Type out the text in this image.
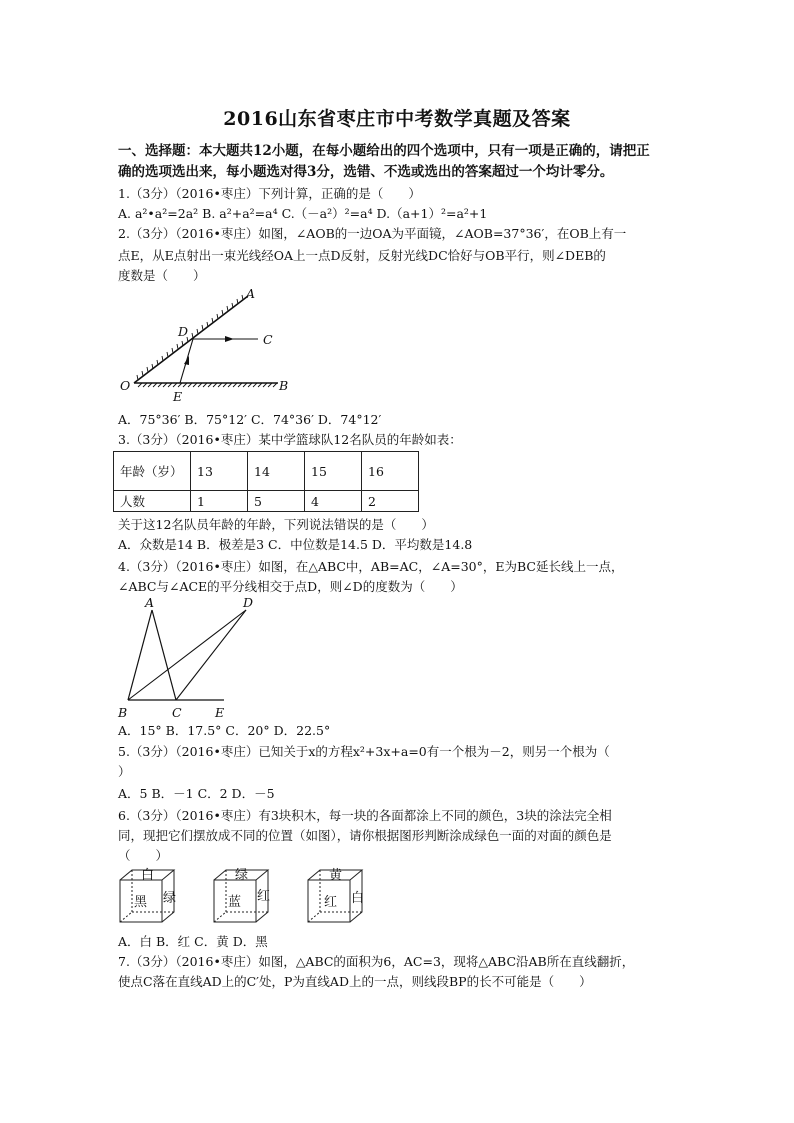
2016山东省枣庄市中考数学真题及答案
一、选择题：本大题共12小题，在每小题给出的四个选项中，只有一项是正确的，请把正
确的选项选出来，每小题选对得3分，选错、不选或选出的答案超过一个均计零分。
1.（3分）（2016•枣庄）下列计算，正确的是（　　）
A. a²•a²=2a² B. a²+a²=a⁴ C.（－a²）²=a⁴ D.（a+1）²=a²+1
2.（3分）（2016•枣庄）如图，∠AOB的一边OA为平面镜，∠AOB=37°36′，在OB上有一
点E，从E点射出一束光线经OA上一点D反射，反射光线DC恰好与OB平行，则∠DEB的
度数是（　　）
A
D
C
O
E
B
A．75°36′ B．75°12′ C．74°36′ D．74°12′
3.（3分）（2016•枣庄）某中学篮球队12名队员的年龄如表：
年龄（岁）	13	14	15	16
人数	1	5	4	2
关于这12名队员年龄的年龄，下列说法错误的是（　　）
A．众数是14 B．极差是3 C．中位数是14.5 D．平均数是14.8
4.（3分）（2016•枣庄）如图，在△ABC中，AB=AC，∠A=30°，E为BC延长线上一点，
∠ABC与∠ACE的平分线相交于点D，则∠D的度数为（　　）
A	D
B	C	E
A．15° B．17.5° C．20° D．22.5°
5.（3分）（2016•枣庄）已知关于x的方程x²+3x+a=0有一个根为－2，则另一个根为（
）
A．5 B．－1 C．2 D．－5
6.（3分）（2016•枣庄）有3块积木，每一块的各面都涂上不同的颜色，3块的涂法完全相
同，现把它们摆放成不同的位置（如图），请你根据图形判断涂成绿色一面的对面的颜色是
（　　）
白
黑 绿
绿
蓝 红
黄
红 白
A．白 B．红 C．黄 D．黑
7.（3分）（2016•枣庄）如图，△ABC的面积为6，AC=3，现将△ABC沿AB所在直线翻折，
使点C落在直线AD上的C′处，P为直线AD上的一点，则线段BP的长不可能是（　　）
